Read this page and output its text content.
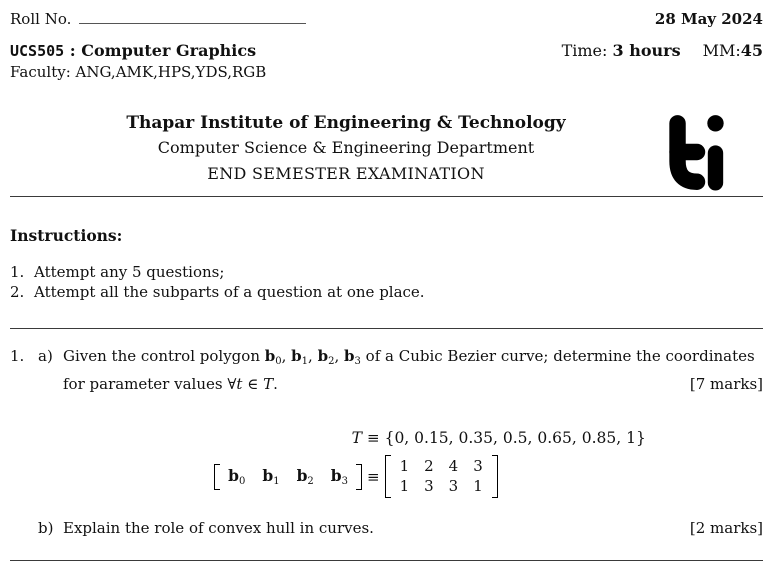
Roll No.	28 May 2024
UCS505 : Computer Graphics	Time: 3 hours MM:45
Faculty: ANG,AMK,HPS,YDS,RGB
Thapar Institute of Engineering & Technology
Computer Science & Engineering Department
END SEMESTER EXAMINATION
Instructions:
1. Attempt any 5 questions;
2. Attempt all the subparts of a question at one place.
1. a) Given the control polygon $b_0$, $b_1$, $b_2$, $b_3$ of a Cubic Bezier curve; determine the coordinates
for parameter values ∀t ∈ T.	[7 marks]
T ≡ {0, 0.15, 0.35, 0.5, 0.65, 0.85, 1}
$b_0$ $b_1$ $b_2$ $b_3$ ≡
1 2 4 3
1 3 3 1
b) Explain the role of convex hull in curves.	[2 marks]
